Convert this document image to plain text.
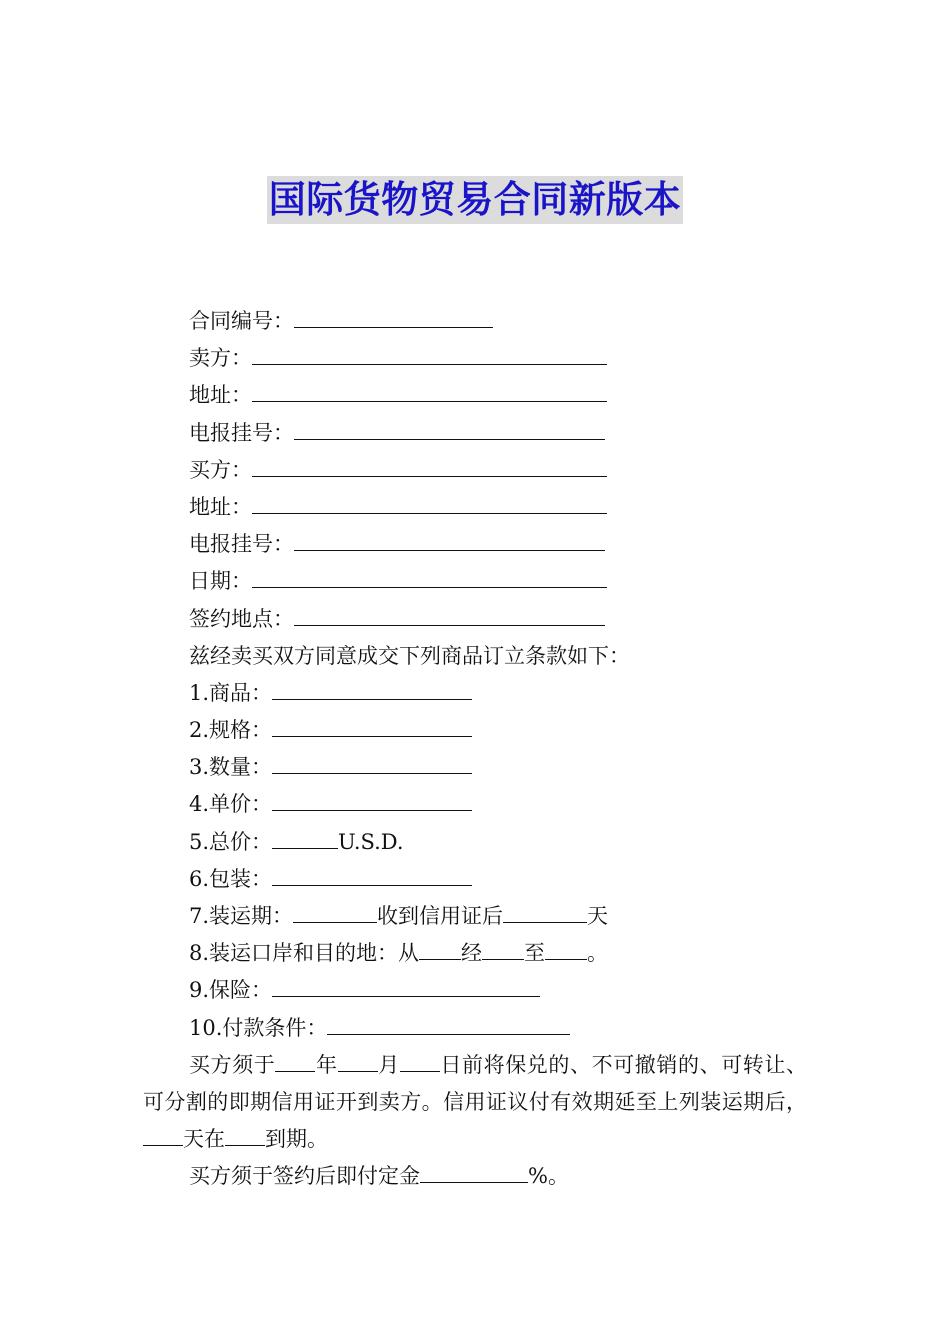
国际货物贸易合同新版本
合同编号：
卖方：
地址：
电报挂号：
买方：
地址：
电报挂号：
日期：
签约地点：
兹经卖买双方同意成交下列商品订立条款如下：
1.商品：
2.规格：
3.数量：
4.单价：
5.总价：	U.S.D.
6.包装：
7.装运期：	收到信用证后	天
8.装运口岸和目的地：从 经 至 。
9.保险：
10.付款条件：
买方须于 年 月 日前将保兑的、不可撤销的、可转让、可分割的即期信用证开到卖方。信用证议付有效期延至上列装运期后，天在 到期。
买方须于签约后即付定金	%。
